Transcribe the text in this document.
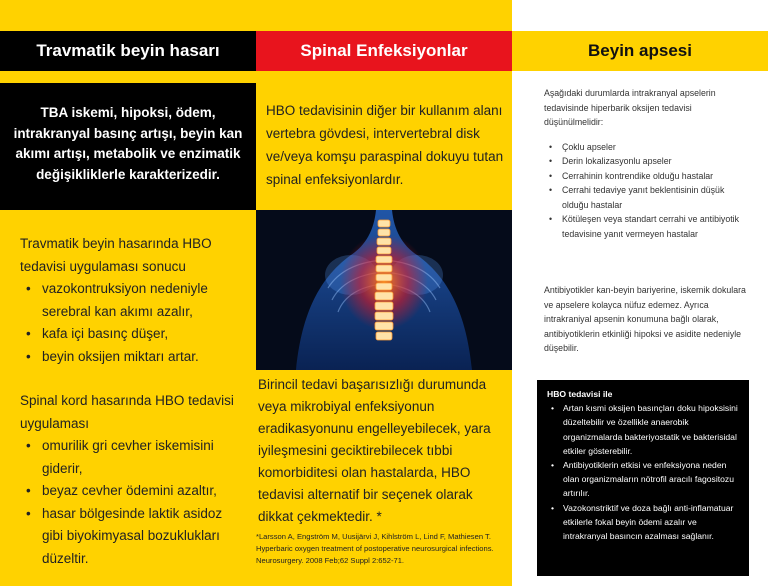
Travmatik beyin hasarı	Spinal Enfeksiyonlar	Beyin apsesi

TBA iskemi, hipoksi, ödem, intrakranyal basınç artışı, beyin kan akımı artışı, metabolik ve enzimatik değişikliklerle karakterizedir.

Travmatik beyin hasarında HBO tedavisi uygulaması sonucu

• vazokontruksiyon nedeniyle serebral kan akımı azalır,
• kafa içi basınç düşer,
• beyin oksijen miktarı artar.

Spinal kord hasarında HBO tedavisi uygulaması

• omurilik gri cevher iskemisini giderir,
• beyaz cevher ödemini azaltır,
• hasar bölgesinde laktik asidoz gibi biyokimyasal bozuklukları düzeltir.

HBO tedavisinin diğer bir kullanım alanı vertebra gövdesi, intervertebral disk ve/veya komşu paraspinal dokuyu tutan spinal enfeksiyonlardır.

Birincil tedavi başarısızlığı durumunda veya mikrobiyal enfeksiyonun eradikasyonunu engelleyebilecek, yara iyileşmesini geciktirebilecek tıbbi komorbiditesi olan hastalarda, HBO tedavisi alternatif bir seçenek olarak dikkat çekmektedir. *

*Larsson A, Engström M, Uusijärvi J, Kihlström L, Lind F, Mathiesen T. Hyperbaric oxygen treatment of postoperative neurosurgical infections. Neurosurgery. 2008 Feb;62 Suppl 2:652-71.

Aşağıdaki durumlarda intrakranyal apselerin tedavisinde hiperbarik oksijen tedavisi düşünülmelidir:

• Çoklu apseler
• Derin lokalizasyonlu apseler
• Cerrahinin kontrendike olduğu hastalar
• Cerrahi tedaviye yanıt beklentisinin düşük olduğu hastalar
• Kötüleşen veya standart cerrahi ve antibiyotik tedavisine yanıt vermeyen hastalar

Antibiyotikler kan-beyin bariyerine, iskemik dokulara ve apselere kolayca nüfuz edemez. Ayrıca intrakraniyal apsenin konumuna bağlı olarak, antibiyotiklerin etkinliği hipoksi ve asidite nedeniyle düşebilir.

HBO tedavisi ile

• Artan kısmi oksijen basınçları doku hipoksisini düzeltebilir ve özellikle anaerobik organizmalarda bakteriyostatik ve bakterisidal etkiler gösterebilir.
• Antibiyotiklerin etkisi ve enfeksiyona neden olan organizmaların nötrofil aracılı fagositozu artırılır.
• Vazokonstriktif ve doza bağlı anti-inflamatuar etkilerle fokal beyin ödemi azalır ve intrakranyal basıncın azalması sağlanır.
